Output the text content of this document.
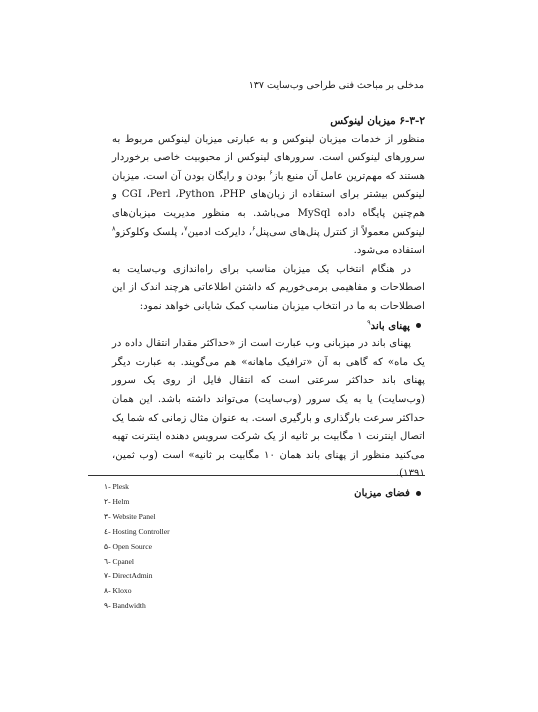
مدخلی بر مباحث فنی طراحی وب‌سایت ۱۳۷

۶-۳-۲ میزبان لینوکس

منظور از خدمات میزبان لینوکس و به عبارتی میزبان لینوکس مربوط به سرورهای لینوکس است. سرورهای لینوکس از محبوبیت خاصی برخوردار هستند که مهم‌ترین عامل آن منبع باز$^۶$ بودن و رایگان بودن آن است. میزبان لینوکس بیشتر برای استفاده از زبان‌های CGI ،Perl ،Python ،PHP و هم‌چنین پایگاه داده MySql می‌باشد. به منظور مدیریت میزبان‌های لینوکس معمولاً از کنترل پنل‌های سی‌پنل$^۶$، دایرکت ادمین$^۷$، پلسک وکلوکزو$^۸$ استفاده می‌شود.

در هنگام انتخاب یک میزبان مناسب برای راه‌اندازی وب‌سایت به اصطلاحات و مفاهیمی برمی‌خوریم که داشتن اطلاعاتی هرچند اندک از این اصطلاحات به ما در انتخاب میزبان مناسب کمک شایانی خواهد نمود:

پهنای باند$^۹$

پهنای باند در میزبانی وب عبارت است از «حداکثر مقدار انتقال داده در یک ماه» که گاهی به آن «ترافیک ماهانه» هم می‌گویند. به عبارت دیگر پهنای باند حداکثر سرعتی است که انتقال فایل از روی یک سرور (وب‌سایت) یا به یک سرور (وب‌سایت) می‌تواند داشته باشد. این همان حداکثر سرعت بارگذاری و بارگیری است. به عنوان مثال زمانی که شما یک اتصال اینترنت ۱ مگابیت بر ثانیه از یک شرکت سرویس دهنده اینترنت تهیه می‌کنید منظور از پهنای باند همان ۱۰ مگابیت بر ثانیه» است (وب ثمین، ۱۳۹۱).

فضای میزبان

۱- Plesk
۲- Helm
۳- Website Panel
٤- Hosting Controller
۵- Open Source
٦- Cpanel
۷- DirectAdmin
۸- Kloxo
۹- Bandwidth
